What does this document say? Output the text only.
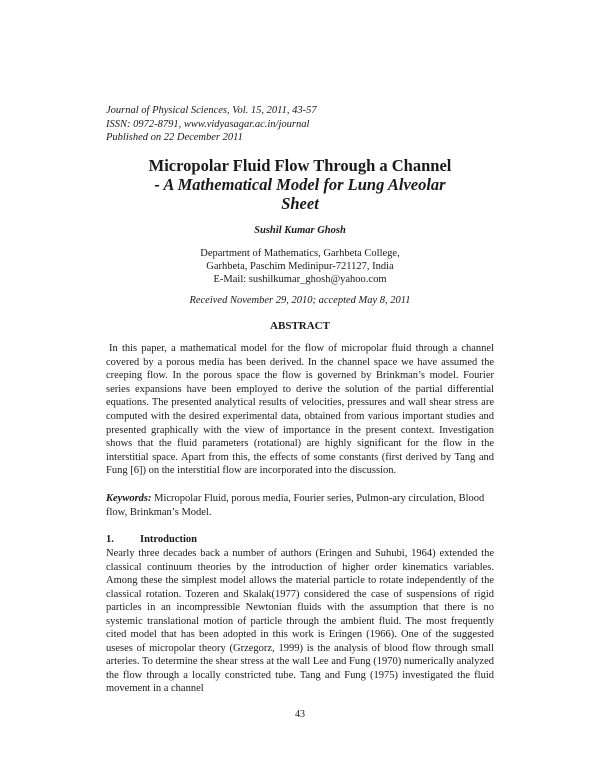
Journal of Physical Sciences, Vol. 15, 2011, 43-57
ISSN: 0972-8791, www.vidyasagar.ac.in/journal
Published on 22 December 2011
Micropolar Fluid Flow Through a Channel
- A Mathematical Model for Lung Alveolar
Sheet
Sushil Kumar Ghosh
Department of Mathematics, Garhbeta College,
Garhbeta, Paschim Medinipur-721127, India
E-Mail: sushilkumar_ghosh@yahoo.com
Received November 29, 2010; accepted May 8, 2011
ABSTRACT
In this paper, a mathematical model for the flow of micropolar fluid through a channel covered by a porous media has been derived. In the channel space we have assumed the creeping flow. In the porous space the flow is governed by Brinkman’s model. Fourier series expansions have been employed to derive the solution of the partial differential equations. The presented analytical results of velocities, pressures and wall shear stress are computed with the desired experimental data, obtained from various important studies and presented graphically with the view of importance in the present context. Investigation shows that the fluid parameters (rotational) are highly significant for the flow in the interstitial space. Apart from this, the effects of some constants (first derived by Tang and Fung [6]) on the interstitial flow are incorporated into the discussion.
Keywords: Micropolar Fluid, porous media, Fourier series, Pulmon-ary circulation, Blood flow, Brinkman’s Model.
1. Introduction
Nearly three decades back a number of authors (Eringen and Suhubi, 1964) extended the classical continuum theories by the introduction of higher order kinematics variables. Among these the simplest model allows the material particle to rotate independently of the classical rotation. Tozeren and Skalak(1977) considered the case of suspensions of rigid particles in an incompressible Newtonian fluids with the assumption that there is no systemic translational motion of particle through the ambient fluid. The most frequently cited model that has been adopted in this work is Eringen (1966). One of the suggested useses of micropolar theory (Grzegorz, 1999) is the analysis of blood flow through small arteries. To determine the shear stress at the wall Lee and Fung (1970) numerically analyzed the flow through a locally constricted tube. Tang and Fung (1975) investigated the fluid movement in a channel
43
